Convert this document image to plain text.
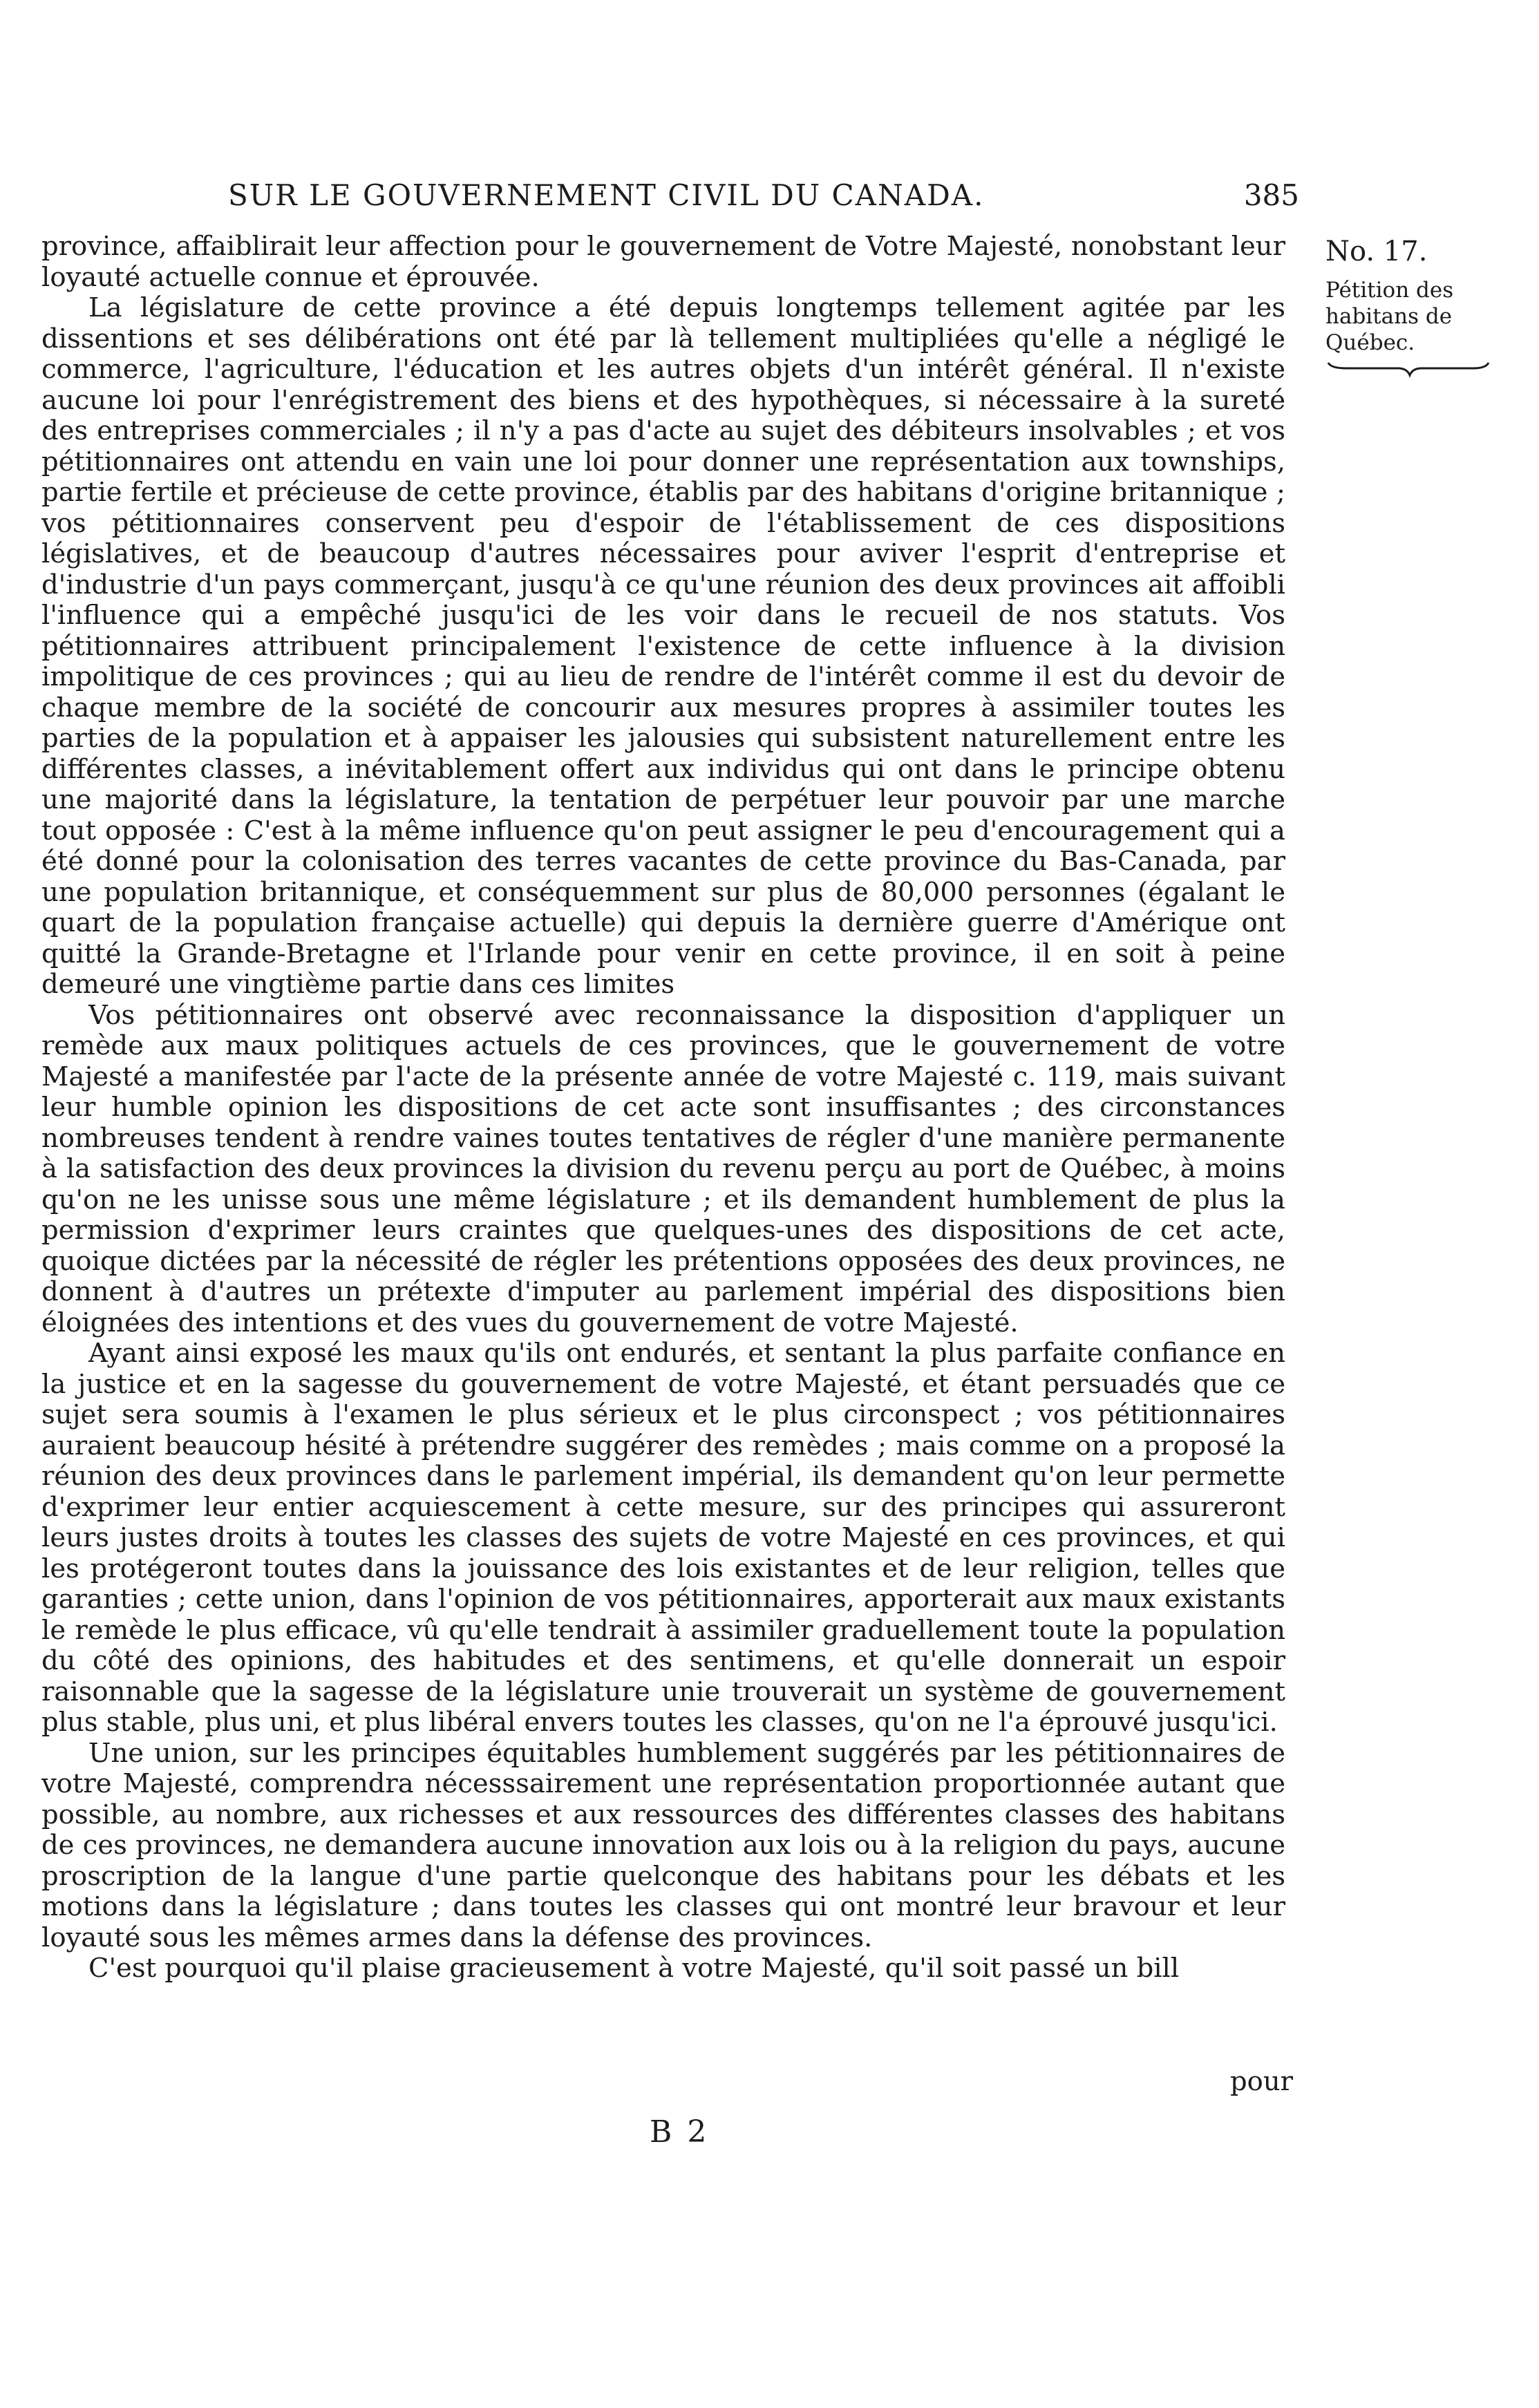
SUR LE GOUVERNEMENT CIVIL DU CANADA.	385
No. 17.
Pétition des habitans de Québec.

province, affaiblirait leur affection pour le gouvernement de Votre Majesté, nonobstant leur loyauté actuelle connue et éprouvée.

La législature de cette province a été depuis longtemps tellement agitée par les dissentions et ses délibérations ont été par là tellement multipliées qu'elle a négligé le commerce, l'agriculture, l'éducation et les autres objets d'un intérêt général. Il n'existe aucune loi pour l'enrégistrement des biens et des hypothèques, si nécessaire à la sureté des entreprises commerciales ; il n'y a pas d'acte au sujet des débiteurs insolvables ; et vos pétitionnaires ont attendu en vain une loi pour donner une représentation aux townships, partie fertile et précieuse de cette province, établis par des habitans d'origine britannique ; vos pétitionnaires conservent peu d'espoir de l'établissement de ces dispositions législatives, et de beaucoup d'autres nécessaires pour aviver l'esprit d'entreprise et d'industrie d'un pays commerçant, jusqu'à ce qu'une réunion des deux provinces ait affoibli l'influence qui a empêché jusqu'ici de les voir dans le recueil de nos statuts. Vos pétitionnaires attribuent principalement l'existence de cette influence à la division impolitique de ces provinces ; qui au lieu de rendre de l'intérêt comme il est du devoir de chaque membre de la société de concourir aux mesures propres à assimiler toutes les parties de la population et à appaiser les jalousies qui subsistent naturellement entre les différentes classes, a inévitablement offert aux individus qui ont dans le principe obtenu une majorité dans la législature, la tentation de perpétuer leur pouvoir par une marche tout opposée : C'est à la même influence qu'on peut assigner le peu d'encouragement qui a été donné pour la colonisation des terres vacantes de cette province du Bas-Canada, par une population britannique, et conséquemment sur plus de 80,000 personnes (égalant le quart de la population française actuelle) qui depuis la dernière guerre d'Amérique ont quitté la Grande-Bretagne et l'Irlande pour venir en cette province, il en soit à peine demeuré une vingtième partie dans ces limites

Vos pétitionnaires ont observé avec reconnaissance la disposition d'appliquer un remède aux maux politiques actuels de ces provinces, que le gouvernement de votre Majesté a manifestée par l'acte de la présente année de votre Majesté c. 119, mais suivant leur humble opinion les dispositions de cet acte sont insuffisantes ; des circonstances nombreuses tendent à rendre vaines toutes tentatives de régler d'une manière permanente à la satisfaction des deux provinces la division du revenu perçu au port de Québec, à moins qu'on ne les unisse sous une même législature ; et ils demandent humblement de plus la permission d'exprimer leurs craintes que quelques-unes des dispositions de cet acte, quoique dictées par la nécessité de régler les prétentions opposées des deux provinces, ne donnent à d'autres un prétexte d'imputer au parlement impérial des dispositions bien éloignées des intentions et des vues du gouvernement de votre Majesté.

Ayant ainsi exposé les maux qu'ils ont endurés, et sentant la plus parfaite confiance en la justice et en la sagesse du gouvernement de votre Majesté, et étant persuadés que ce sujet sera soumis à l'examen le plus sérieux et le plus circonspect ; vos pétitionnaires auraient beaucoup hésité à prétendre suggérer des remèdes ; mais comme on a proposé la réunion des deux provinces dans le parlement impérial, ils demandent qu'on leur permette d'exprimer leur entier acquiescement à cette mesure, sur des principes qui assureront leurs justes droits à toutes les classes des sujets de votre Majesté en ces provinces, et qui les protégeront toutes dans la jouissance des lois existantes et de leur religion, telles que garanties ; cette union, dans l'opinion de vos pétitionnaires, apporterait aux maux existants le remède le plus efficace, vû qu'elle tendrait à assimiler graduellement toute la population du côté des opinions, des habitudes et des sentimens, et qu'elle donnerait un espoir raisonnable que la sagesse de la législature unie trouverait un système de gouvernement plus stable, plus uni, et plus libéral envers toutes les classes, qu'on ne l'a éprouvé jusqu'ici.

Une union, sur les principes équitables humblement suggérés par les pétitionnaires de votre Majesté, comprendra nécesssairement une représentation proportionnée autant que possible, au nombre, aux richesses et aux ressources des différentes classes des habitans de ces provinces, ne demandera aucune innovation aux lois ou à la religion du pays, aucune proscription de la langue d'une partie quelconque des habitans pour les débats et les motions dans la législature ; dans toutes les classes qui ont montré leur bravour et leur loyauté sous les mêmes armes dans la défense des provinces.

C'est pourquoi qu'il plaise gracieusement à votre Majesté, qu'il soit passé un bill

pour
B 2
